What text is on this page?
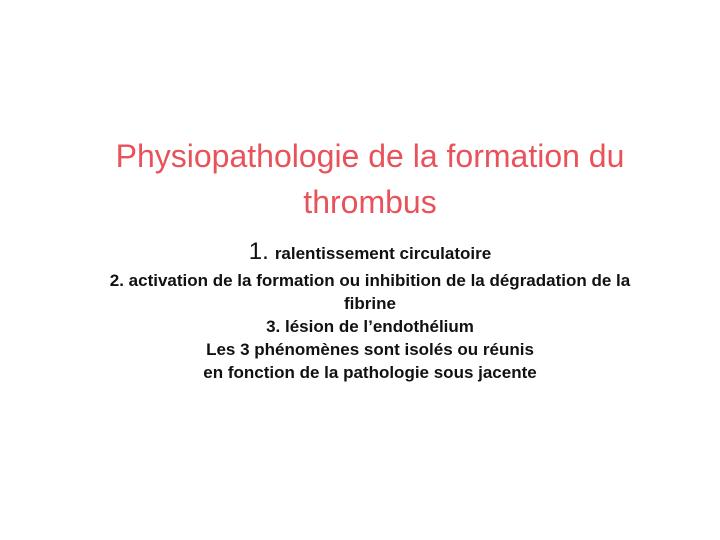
Physiopathologie de la formation du
thrombus
1. ralentissement circulatoire
2. activation de la formation ou inhibition de la dégradation de la
fibrine
3. lésion de l’endothélium
Les 3 phénomènes sont isolés ou réunis
en fonction de la pathologie sous jacente
